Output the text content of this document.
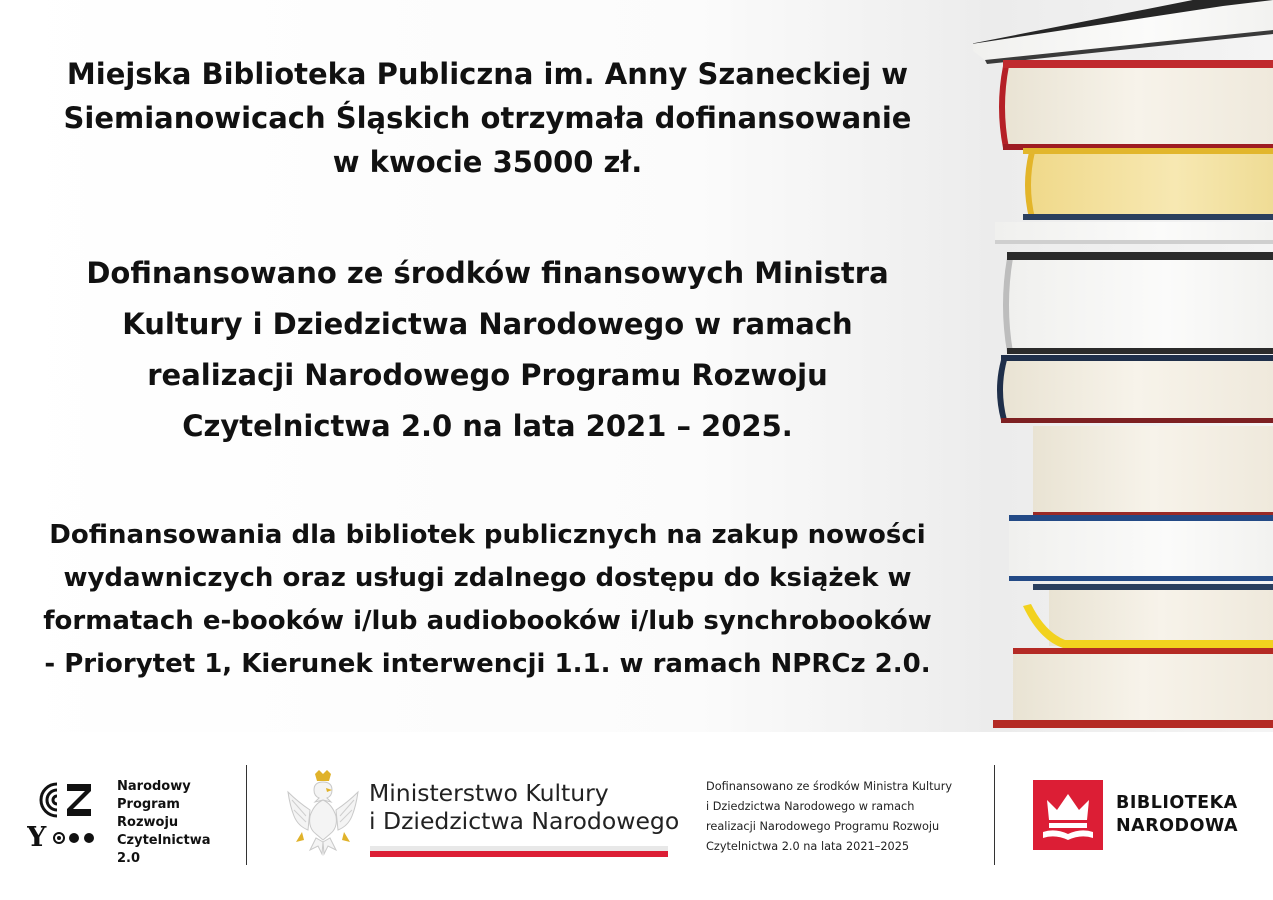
Miejska Biblioteka Publiczna im. Anny Szaneckiej w
Siemianowicach Śląskich otrzymała dofinansowanie
w kwocie 35000 zł.

Dofinansowano ze środków finansowych Ministra
Kultury i Dziedzictwa Narodowego w ramach
realizacji Narodowego Programu Rozwoju
Czytelnictwa 2.0 na lata 2021 – 2025.

Dofinansowania dla bibliotek publicznych na zakup nowości
wydawniczych oraz usługi zdalnego dostępu do książek w
formatach e-booków i/lub audiobooków i/lub synchrobooków
- Priorytet 1, Kierunek interwencji 1.1. w ramach NPRCz 2.0.

Y
Narodowy
Program
Rozwoju
Czytelnictwa
2.0
Ministerstwo Kultury
i Dziedzictwa Narodowego
Dofinansowano ze środków Ministra Kultury
i Dziedzictwa Narodowego w ramach
realizacji Narodowego Programu Rozwoju
Czytelnictwa 2.0 na lata 2021–2025
BIBLIOTEKA
NARODOWA
